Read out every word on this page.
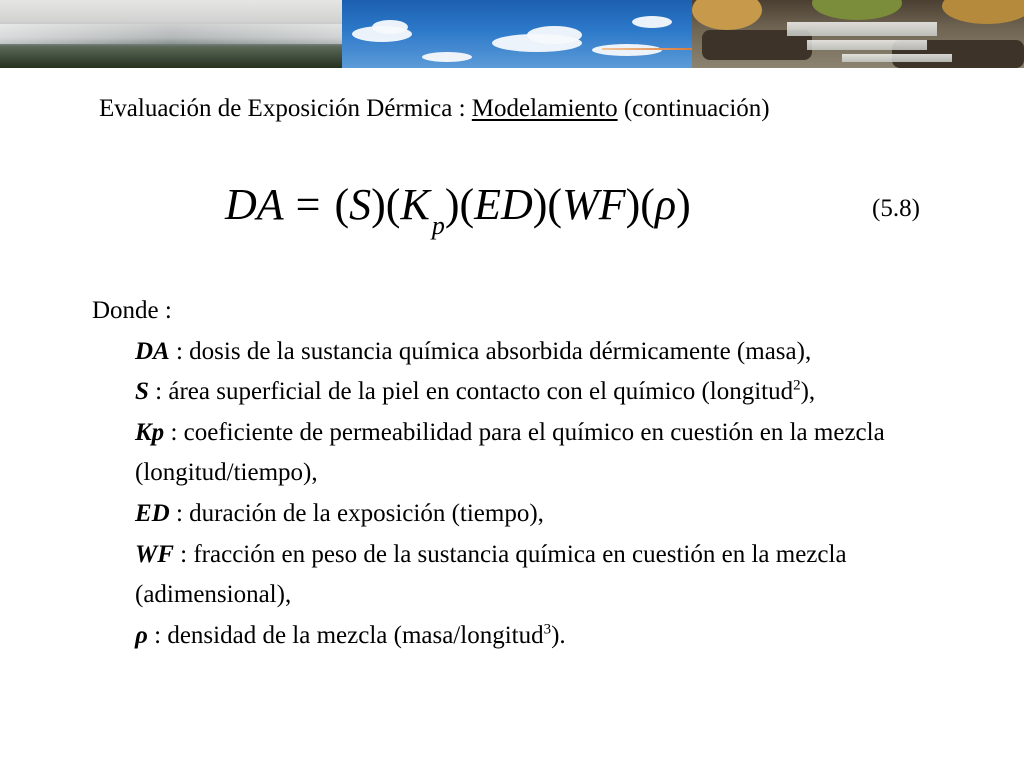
Evaluación de Exposición Dérmica : Modelamiento (continuación)
DA = $(S)(K_p)(ED)(WF)(\rho)$	(5.8)
Donde :
DA : dosis de la sustancia química absorbida dérmicamente (masa),
S : área superficial de la piel en contacto con el químico (longitud$^2$),
Kp : coeficiente de permeabilidad para el químico en cuestión en la mezcla (longitud/tiempo),
ED : duración de la exposición (tiempo),
WF : fracción en peso de la sustancia química en cuestión en la mezcla (adimensional),
ρ : densidad de la mezcla (masa/longitud$^3$).
